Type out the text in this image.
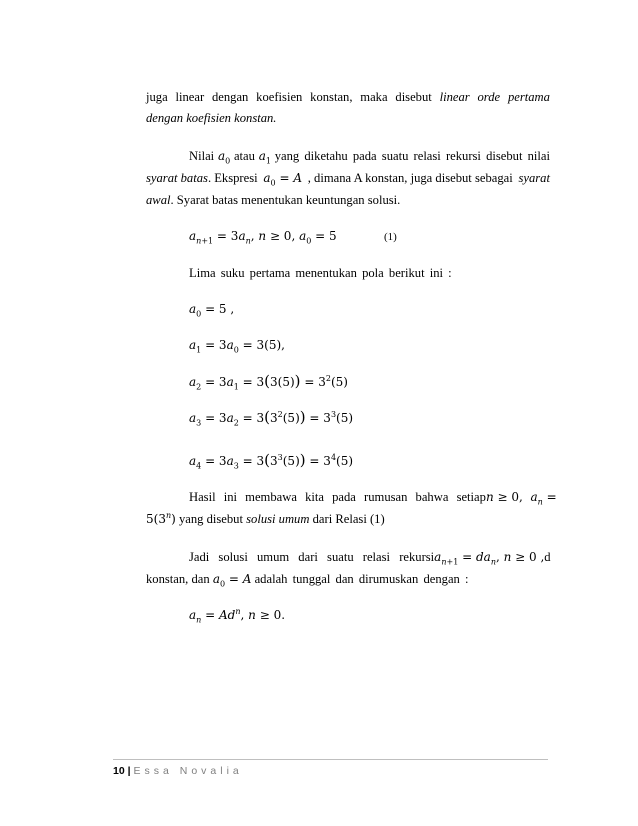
juga linear dengan koefisien konstan, maka disebut linear orde pertama
dengan koefisien konstan.
Nilai $a_0$ atau $a_1$ yang diketahu pada suatu relasi rekursi disebut nilai
syarat batas. Ekspresi $a_0 = A$ , dimana A konstan, juga disebut sebagai syarat
awal. Syarat batas menentukan keuntungan solusi.
$a_{n+1} = 3a_n$, n ≥ 0, $a_0 = 5$	(1)
Lima suku pertama menentukan pola berikut ini :
$a_0 = 5$ ,
$a_1 = 3a_0 = 3(5)$,
$a_2 = 3a_1 = 3(3(5)) = 3^2(5)$
$a_3 = 3a_2 = 3(3^2(5)) = 3^3(5)$
$a_4 = 3a_3 = 3(3^3(5)) = 3^4(5)$
Hasil ini membawa kita pada rumusan bahwa setiap n ≥ 0,  $a_n$ =
$5(3^n)$ yang disebut solusi umum dari Relasi (1)
Jadi solusi umum dari suatu relasi rekursi $a_{n+1} = da_n$, n ≥ 0 , d
konstan, dan $a_0 = A$ adalah tunggal dan dirumuskan dengan :
$a_n = Ad^n$, n ≥ 0.
10 | Essa Novalia
